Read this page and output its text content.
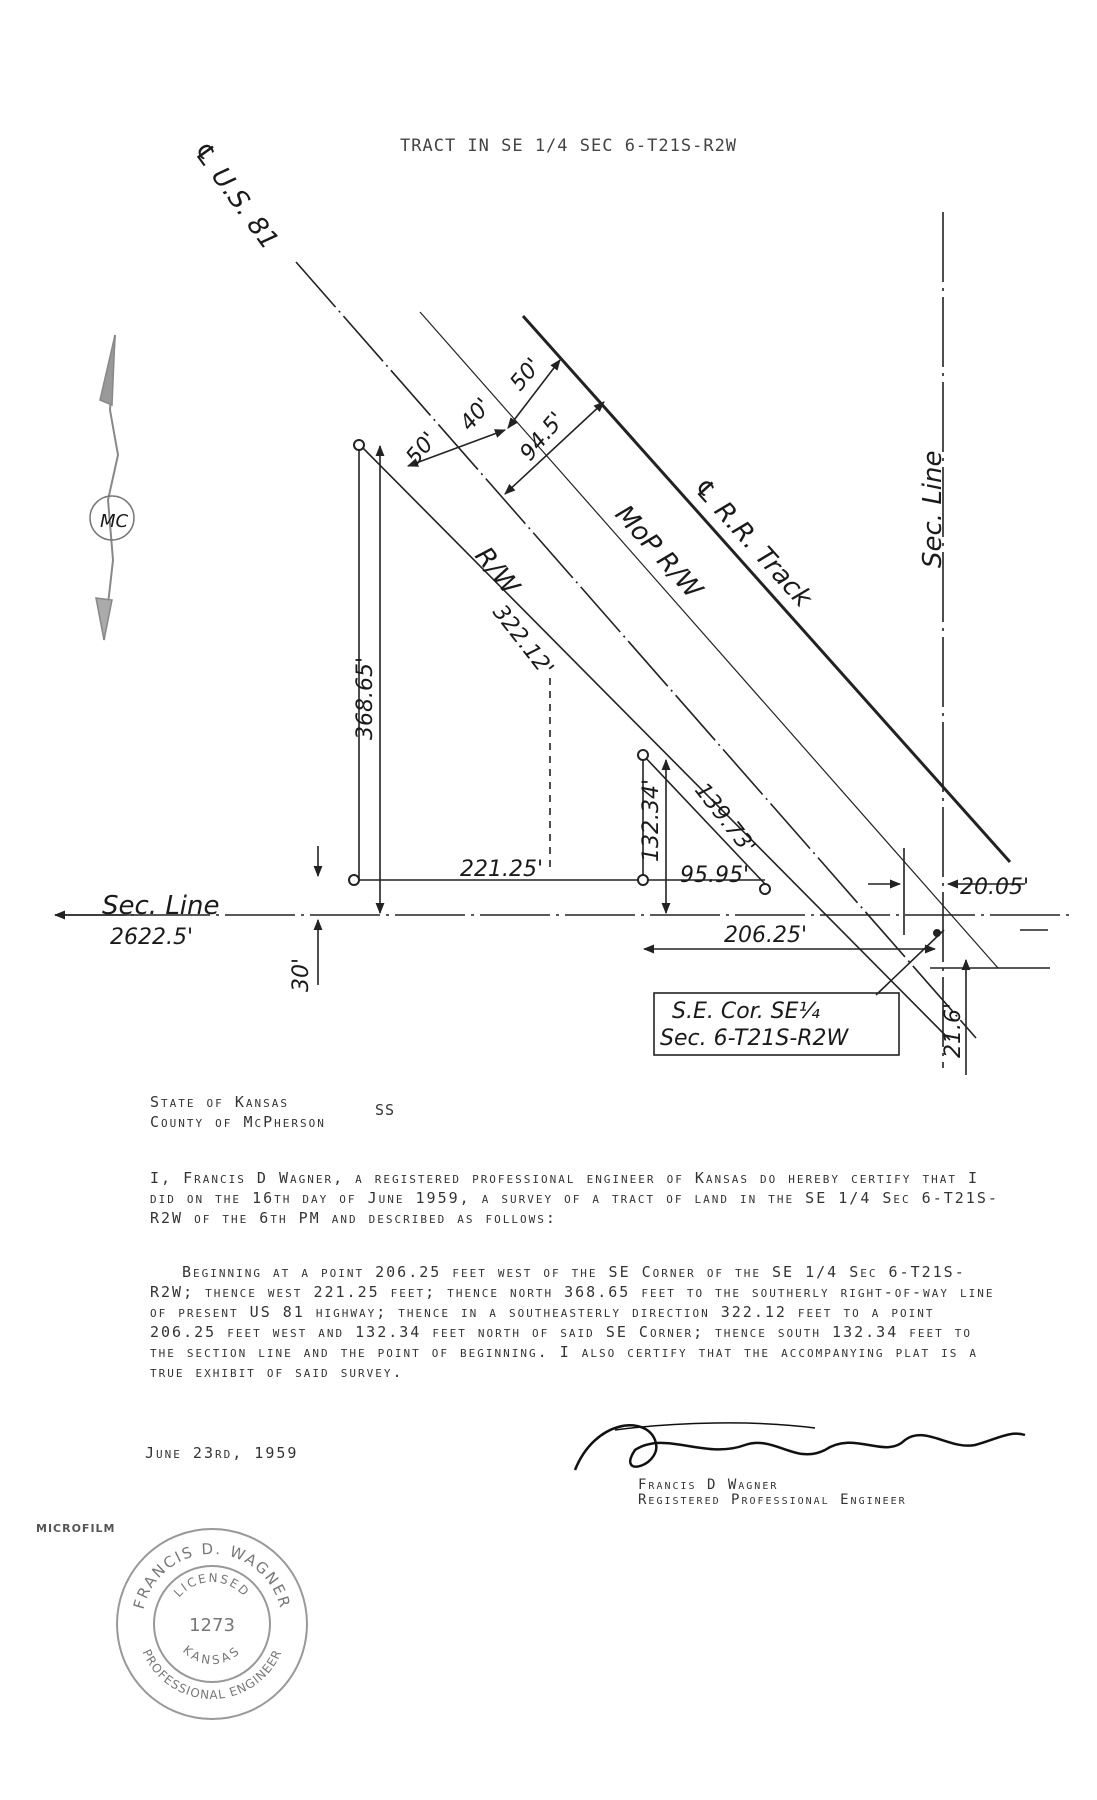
TRACT IN SE 1/4 SEC 6-T21S-R2W
℄ U.S. 81
MoP R/W
℄ R.R. Track
R/W
Sec. Line
Sec. Line
2622.5'
50'
40'
50'
94.5'
368.65'
322.12'
132.34' 139.73'
221.25'	95.95'
206.25'
20.05'
30'
21.6'
S.E. Cor. SE¼
Sec. 6-T21S-R2W
MC
State of Kansas
County of McPherson
SS
I, Francis D Wagner, a registered professional engineer of Kansas do hereby certify that I did on the 16th day of June 1959, a survey of a tract of land in the SE 1/4 Sec 6-T21S-R2W of the 6th PM and described as follows:
Beginning at a point 206.25 feet west of the SE Corner of the SE 1/4 Sec 6-T21S-R2W; thence west 221.25 feet; thence north 368.65 feet to the southerly right-of-way line of present US 81 highway; thence in a southeasterly direction 322.12 feet to a point 206.25 feet west and 132.34 feet north of said SE Corner; thence south 132.34 feet to the section line and the point of beginning. I also certify that the accompanying plat is a true exhibit of said survey.
June 23rd, 1959
Francis D Wagner
Registered Professional Engineer
MICROFILM
FRANCIS D. WAGNER
LICENSED
1273
KANSAS
PROFESSIONAL ENGINEER
